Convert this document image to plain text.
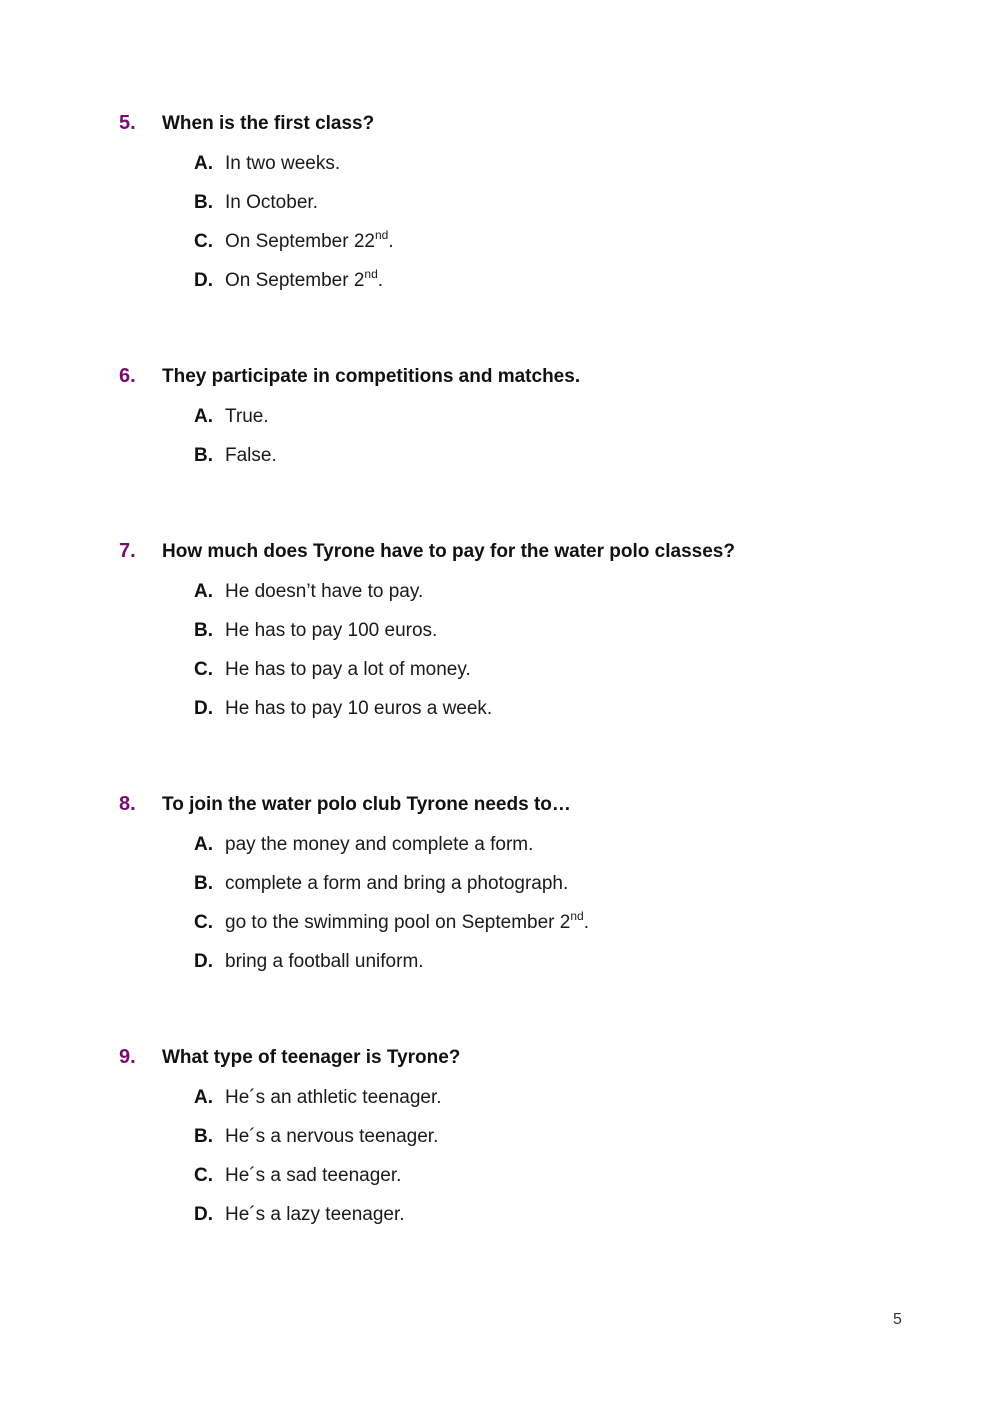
5. When is the first class?
A. In two weeks.
B. In October.
C. On September 22nd.
D. On September 2nd.
6. They participate in competitions and matches.
A. True.
B. False.
7. How much does Tyrone have to pay for the water polo classes?
A. He doesn’t have to pay.
B. He has to pay 100 euros.
C. He has to pay a lot of money.
D. He has to pay 10 euros a week.
8. To join the water polo club Tyrone needs to…
A. pay the money and complete a form.
B. complete a form and bring a photograph.
C. go to the swimming pool on September 2nd.
D. bring a football uniform.
9. What type of teenager is Tyrone?
A. He´s an athletic teenager.
B. He´s a nervous teenager.
C. He´s a sad teenager.
D. He´s a lazy teenager.
5
